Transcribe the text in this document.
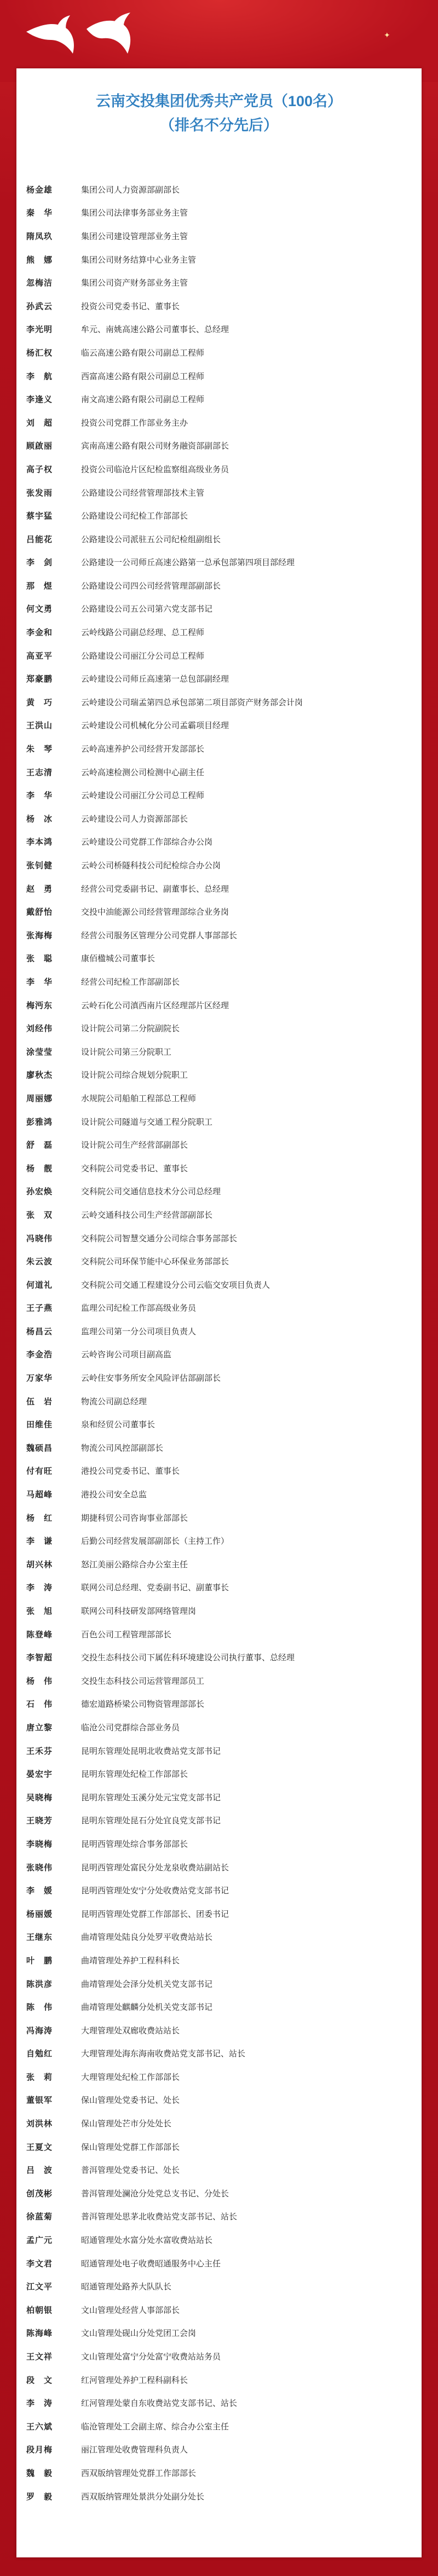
✦
云南交投集团优秀共产党员（100名）
（排名不分先后）
杨金雄	集团公司人力资源部副部长
秦　华	集团公司法律事务部业务主管
隋凤玖	集团公司建设管理部业务主管
熊　娜	集团公司财务结算中心业务主管
忽梅洁	集团公司资产财务部业务主管
孙武云	投资公司党委书记、董事长
李光明	牟元、南姚高速公路公司董事长、总经理
杨汇权	临云高速公路有限公司副总工程师
李　航	西富高速公路有限公司副总工程师
李逢义	南文高速公路有限公司副总工程师
刘　超	投资公司党群工作部业务主办
顾啟丽	宾南高速公路有限公司财务融资部副部长
高子权	投资公司临沧片区纪检监察组高级业务员
张发雨	公路建设公司经营管理部技术主管
蔡宇猛	公路建设公司纪检工作部部长
吕能花	公路建设公司派驻五公司纪检组副组长
李　剑	公路建设一公司师丘高速公路第一总承包部第四项目部经理
那　煜	公路建设公司四公司经营管理部副部长
何文勇	公路建设公司五公司第六党支部书记
李金和	云岭线路公司副总经理、总工程师
高亚平	公路建设公司丽江分公司总工程师
郑豪鹏	云岭建设公司师丘高速第一总包部副经理
黄　巧	云岭建设公司瑞孟第四总承包部第二项目部资产财务部会计岗
王洪山	云岭建设公司机械化分公司孟霸项目经理
朱　琴	云岭高速养护公司经营开发部部长
王志清	云岭高速检测公司检测中心副主任
李　华	云岭建设公司丽江分公司总工程师
杨　冰	云岭建设公司人力资源部部长
李本鸿	云岭建设公司党群工作部综合办公岗
张钊健	云岭公司桥隧科技公司纪检综合办公岗
赵　勇	经营公司党委副书记、副董事长、总经理
戴舒怡	交投中油能源公司经营管理部综合业务岗
张海梅	经营公司服务区管理分公司党群人事部部长
张　聪	康佰楹城公司董事长
李　华	经营公司纪检工作部副部长
梅沔东	云岭石化公司滇西南片区经理部片区经理
刘经伟	设计院公司第二分院副院长
涂莹莹	设计院公司第三分院职工
廖秋杰	设计院公司综合规划分院职工
周丽娜	水规院公司船舶工程部总工程师
彭雅鸿	设计院公司隧道与交通工程分院职工
舒　磊	设计院公司生产经营部副部长
杨　靓	交科院公司党委书记、董事长
孙宏焕	交科院公司交通信息技术分公司总经理
张　双	云岭交通科技公司生产经营部副部长
冯晓伟	交科院公司智慧交通分公司综合事务部部长
朱云波	交科院公司环保节能中心环保业务部部长
何道礼	交科院公司交通工程建设分公司云临交安项目负责人
王子燕	监理公司纪检工作部高级业务员
杨昌云	监理公司第一分公司项目负责人
李金浩	云岭咨询公司项目副高监
万家华	云岭住安事务所安全风险评估部副部长
伍　岩	物流公司副总经理
田维佳	泉和经贸公司董事长
魏硕昌	物流公司风控部副部长
付有旺	港投公司党委书记、董事长
马超峰	港投公司安全总监
杨　红	期捷科贸公司咨询事业部部长
李　谦	后勤公司经营发展部副部长（主持工作）
胡兴林	怒江美丽公路综合办公室主任
李　涛	联网公司总经理、党委副书记、副董事长
张　旭	联网公司科技研发部网络管理岗
陈登峰	百色公司工程管理部部长
李智超	交投生态科技公司下属佐科环境建设公司执行董事、总经理
杨　伟	交投生态科技公司运营管理部员工
石　伟	德宏道路桥梁公司物资管理部部长
唐立黎	临沧公司党群综合部业务员
王禾芬	昆明东管理处昆明北收费站党支部书记
晏宏宇	昆明东管理处纪检工作部部长
吴晓梅	昆明东管理处玉溪分处元宝党支部书记
王晓芳	昆明东管理处昆石分处宜良党支部书记
李晓梅	昆明西管理处综合事务部部长
张晓伟	昆明西管理处富民分处龙泉收费站副站长
李　媛	昆明西管理处安宁分处收费站党支部书记
杨丽媛	昆明西管理处党群工作部部长、团委书记
王继东	曲靖管理处陆良分处罗平收费站站长
叶　鹏	曲靖管理处养护工程科科长
陈洪彦	曲靖管理处会泽分处机关党支部书记
陈　伟	曲靖管理处麒麟分处机关党支部书记
冯海涛	大理管理处双廊收费站站长
自勉红	大理管理处海东海南收费站党支部书记、站长
张　莉	大理管理处纪检工作部部长
董银军	保山管理处党委书记、处长
刘洪林	保山管理处芒市分处处长
王夏文	保山管理处党群工作部部长
吕　波	普洱管理处党委书记、处长
创茂彬	普洱管理处澜沧分处党总支书记、分处长
徐蓝菊	普洱管理处思茅北收费站党支部书记、站长
孟广元	昭通管理处水富分处水富收费站站长
李文君	昭通管理处电子收费昭通服务中心主任
江文平	昭通管理处路养大队队长
柏朝银	文山管理处经营人事部部长
陈海峰	文山管理处砚山分处党团工会岗
王文祥	文山管理处富宁分处富宁收费站站务员
段　文	红河管理处养护工程科副科长
李　涛	红河管理处蒙自东收费站党支部书记、站长
王六斌	临沧管理处工会副主席、综合办公室主任
段月梅	丽江管理处收费管理科负责人
魏　毅	西双版纳管理处党群工作部部长
罗　毅	西双版纳管理处景洪分处副分处长
